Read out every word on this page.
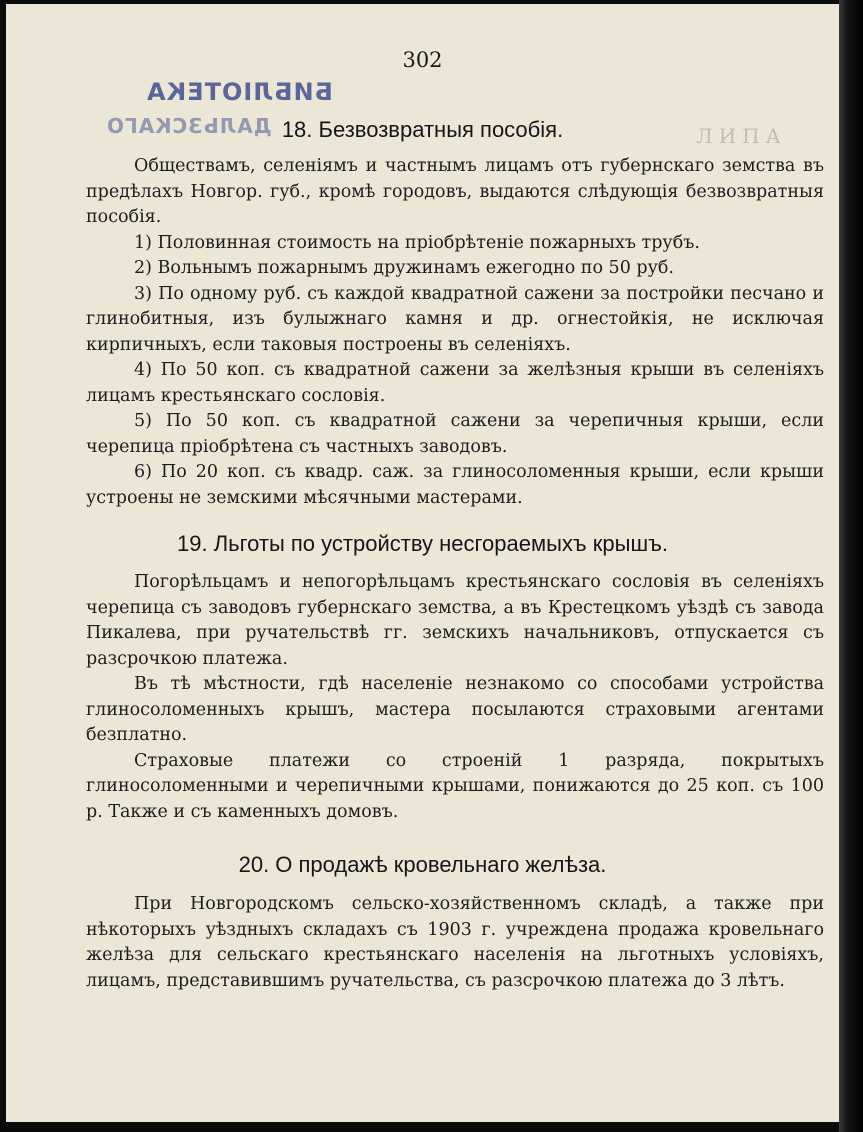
ЛИПА
302
БИБЛІОТЕКА
ДАЛЬЗСКАГО 18. Безвозвратныя пособія.

Обществамъ, селеніямъ и частнымъ лицамъ отъ губернскаго земства въ предѣлахъ Новгор. губ., кромѣ городовъ, выдаются слѣдующія безвозвратныя пособія.

1) Половинная стоимость на пріобрѣтеніе пожарныхъ трубъ.

2) Вольнымъ пожарнымъ дружинамъ ежегодно по 50 руб.

3) По одному руб. съ каждой квадратной сажени за постройки песчано и глинобитныя, изъ булыжнаго камня и др. огнестойкія, не исключая кирпичныхъ, если таковыя построены въ селеніяхъ.

4) По 50 коп. съ квадратной сажени за желѣзныя крыши въ селеніяхъ лицамъ крестьянскаго сословія.

5) По 50 коп. съ квадратной сажени за черепичныя крыши, если черепица пріобрѣтена съ частныхъ заводовъ.

6) По 20 коп. съ квадр. саж. за глиносоломенныя крыши, если крыши устроены не земскими мѣсячными мастерами.

19. Льготы по устройству несгораемыхъ крышъ.

Погорѣльцамъ и непогорѣльцамъ крестьянскаго сословія въ селеніяхъ черепица съ заводовъ губернскаго земства, а въ Крестецкомъ уѣздѣ съ завода Пикалева, при ручательствѣ гг. земскихъ начальниковъ, отпускается съ разсрочкою платежа.

Въ тѣ мѣстности, гдѣ населеніе незнакомо со способами устройства глиносоломенныхъ крышъ, мастера посылаются страховыми агентами безплатно.

Страховые платежи со строеній 1 разряда, покрытыхъ глиносоломенными и черепичными крышами, понижаются до 25 коп. съ 100 р. Также и съ каменныхъ домовъ.

20. О продажѣ кровельнаго желѣза.

При Новгородскомъ сельско-хозяйственномъ складѣ, а также при нѣкоторыхъ уѣздныхъ складахъ съ 1903 г. учреждена продажа кровельнаго желѣза для сельскаго крестьянскаго населенія на льготныхъ условіяхъ, лицамъ, представившимъ ручательства, съ разсрочкою платежа до 3 лѣтъ.
